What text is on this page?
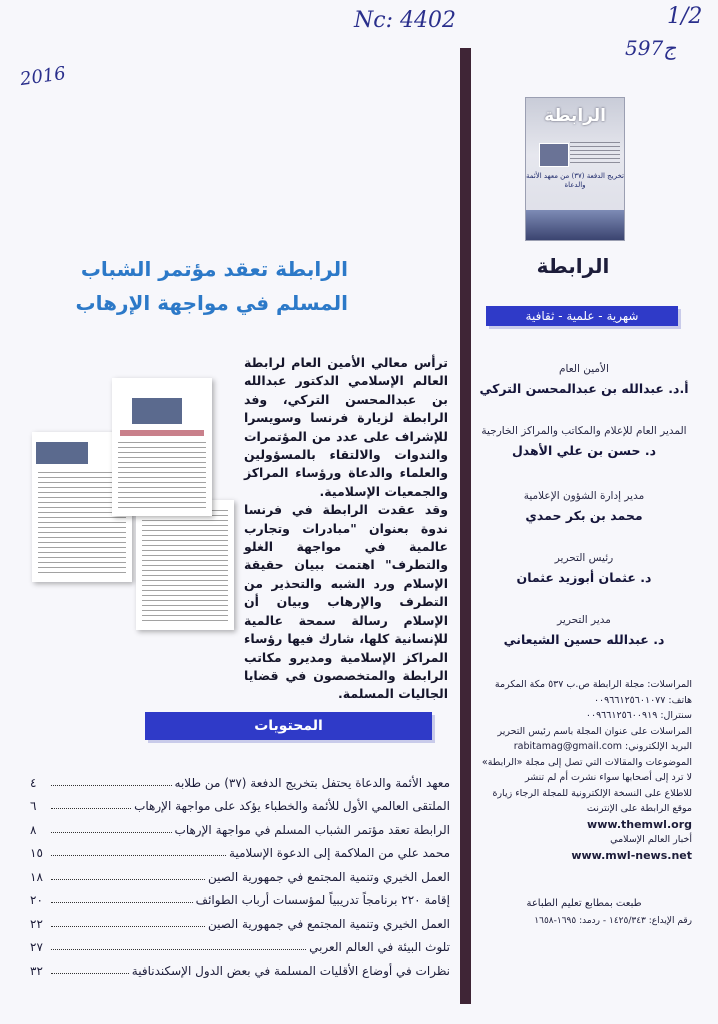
Nc: 4402	1/2
597ج
2016
الرابطة
تخريج الدفعة (٣٧) من معهد الأئمة والدعاة
الرابطة
شهرية - علمية - ثقافية
الأمين العام
أ.د. عبدالله بن عبدالمحسن التركي
المدير العام للإعلام والمكاتب والمراكز الخارجية
د. حسن بن علي الأهدل
مدير إدارة الشؤون الإعلامية
محمد بن بكر حمدي
رئيس التحرير
د. عثمان أبوزيد عثمان
مدير التحرير
د. عبدالله حسين الشيعاني
المراسلات: مجلة الرابطة ص.ب ٥٣٧ مكة المكرمة
هاتف: ٠٠٩٦٦١٢٥٦٠١٠٧٧
سنترال: ٠٠٩٦٦١٢٥٦٠٠٩١٩
المراسلات على عنوان المجلة باسم رئيس التحرير
البريد الإلكتروني: rabitamag@gmail.com
الموضوعات والمقالات التي تصل إلى مجلة «الرابطة» لا ترد إلى أصحابها سواء نشرت أم لم تنشر
للاطلاع على النسخة الإلكترونية للمجلة الرجاء زيارة موقع الرابطة على الإنترنت
www.themwl.org
أخبار العالم الإسلامي
www.mwl-news.net
طبعت بمطابع تعليم الطباعة
رقم الإيداع: ١٤٢٥/٣٤٣ - ردمد: ١٦٩٥-١٦٥٨
الرابطة تعقد مؤتمر الشباب
المسلم في مواجهة الإرهاب

ترأس معالي الأمين العام لرابطة العالم الإسلامي الدكتور عبدالله بن عبدالمحسن التركي، وفد الرابطة لزيارة فرنسا وسويسرا للإشراف على عدد من المؤتمرات والندوات والالتقاء بالمسؤولين والعلماء والدعاة ورؤساء المراكز والجمعيات الإسلامية.

وقد عقدت الرابطة في فرنسا ندوة بعنوان "مبادرات وتجارب عالمية في مواجهة الغلو والتطرف" اهتمت ببيان حقيقة الإسلام ورد الشبه والتحذير من التطرف والإرهاب وبيان أن الإسلام رسالة سمحة عالمية للإنسانية كلها، شارك فيها رؤساء المراكز الإسلامية ومديرو مكاتب الرابطة والمتخصصون في قضايا الجاليات المسلمة.

المحتويات
معهد الأئمة والدعاة يحتفل بتخريج الدفعة (٣٧) من طلابه
٤
الملتقى العالمي الأول للأئمة والخطباء يؤكد على مواجهة الإرهاب
٦
الرابطة تعقد مؤتمر الشباب المسلم في مواجهة الإرهاب
٨
محمد علي من الملاكمة إلى الدعوة الإسلامية
١٥
العمل الخيري وتنمية المجتمع في جمهورية الصين
١٨
إقامة ٢٢٠ برنامجاً تدريبياً لمؤسسات أرباب الطوائف
٢٠
العمل الخيري وتنمية المجتمع في جمهورية الصين
٢٢
تلوث البيئة في العالم العربي
٢٧
نظرات في أوضاع الأقليات المسلمة في بعض الدول الإسكندنافية
٣٢
